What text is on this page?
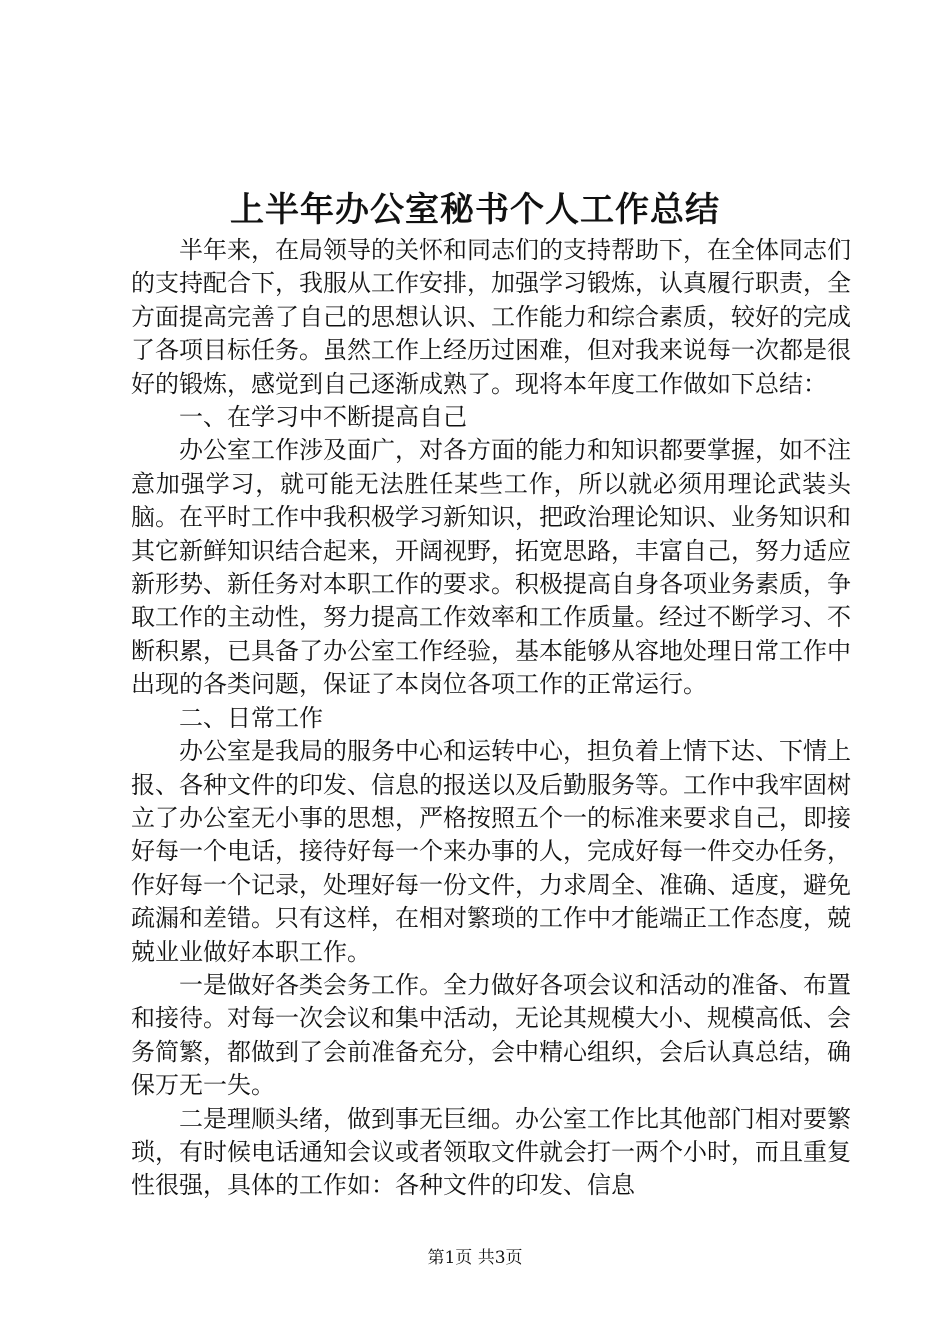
上半年办公室秘书个人工作总结

半年来，在局领导的关怀和同志们的支持帮助下，在全体同志们的支持配合下，我服从工作安排，加强学习锻炼，认真履行职责，全方面提高完善了自己的思想认识、工作能力和综合素质，较好的完成了各项目标任务。虽然工作上经历过困难，但对我来说每一次都是很好的锻炼，感觉到自己逐渐成熟了。现将本年度工作做如下总结：

一、在学习中不断提高自己

办公室工作涉及面广，对各方面的能力和知识都要掌握，如不注意加强学习，就可能无法胜任某些工作，所以就必须用理论武装头脑。在平时工作中我积极学习新知识，把政治理论知识、业务知识和其它新鲜知识结合起来，开阔视野，拓宽思路，丰富自己，努力适应新形势、新任务对本职工作的要求。积极提高自身各项业务素质，争取工作的主动性，努力提高工作效率和工作质量。经过不断学习、不断积累，已具备了办公室工作经验，基本能够从容地处理日常工作中出现的各类问题，保证了本岗位各项工作的正常运行。

二、日常工作

办公室是我局的服务中心和运转中心，担负着上情下达、下情上报、各种文件的印发、信息的报送以及后勤服务等。工作中我牢固树立了办公室无小事的思想，严格按照五个一的标准来要求自己，即接好每一个电话，接待好每一个来办事的人，完成好每一件交办任务，作好每一个记录，处理好每一份文件，力求周全、准确、适度，避免疏漏和差错。只有这样，在相对繁琐的工作中才能端正工作态度，兢兢业业做好本职工作。

一是做好各类会务工作。全力做好各项会议和活动的准备、布置和接待。对每一次会议和集中活动，无论其规模大小、规模高低、会务简繁，都做到了会前准备充分，会中精心组织，会后认真总结，确保万无一失。

二是理顺头绪，做到事无巨细。办公室工作比其他部门相对要繁琐，有时候电话通知会议或者领取文件就会打一两个小时，而且重复性很强，具体的工作如：各种文件的印发、信息

第1页 共3页
